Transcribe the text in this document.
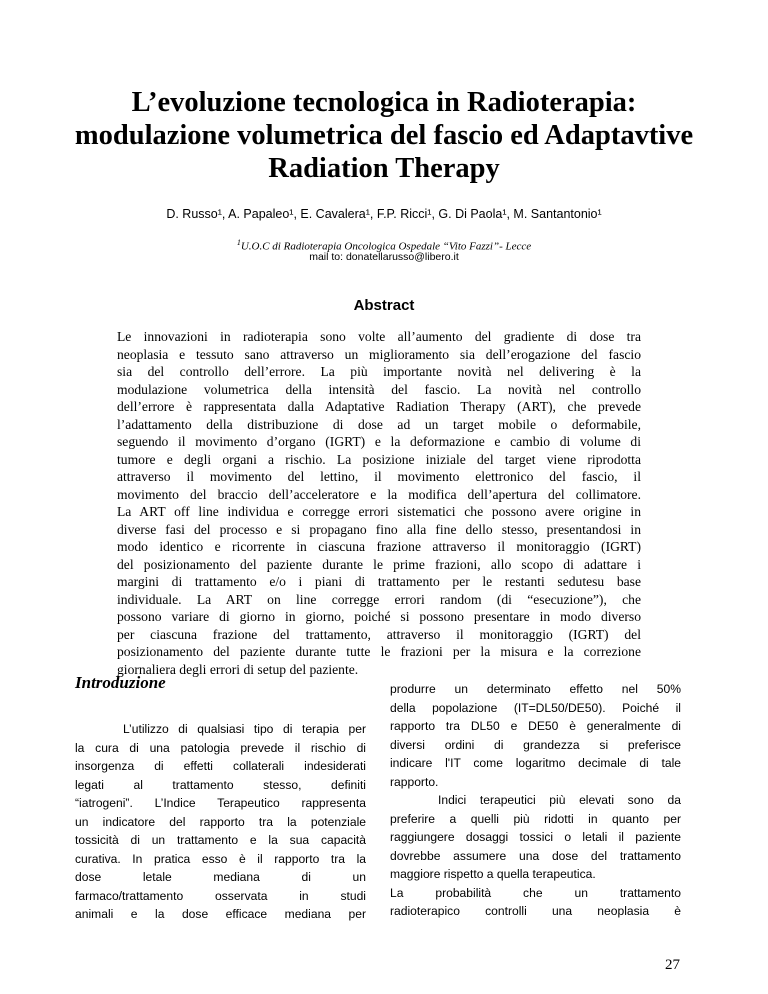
L’evoluzione tecnologica in Radioterapia:
modulazione volumetrica del fascio ed Adaptavtive
Radiation Therapy
D. Russo¹, A. Papaleo¹, E. Cavalera¹, F.P. Ricci¹, G. Di Paola¹, M. Santantonio¹
$^1$U.O.C di Radioterapia Oncologica Ospedale “Vito Fazzi”- Lecce
mail to: donatellarusso@libero.it
Abstract
Le innovazioni in radioterapia sono volte all’aumento del gradiente di dose tra
neoplasia e tessuto sano attraverso un miglioramento sia dell’erogazione del fascio
sia del controllo dell’errore. La più importante novità nel delivering è la
modulazione volumetrica della intensità del fascio. La novità nel controllo
dell’errore è rappresentata dalla Adaptative Radiation Therapy (ART), che prevede
l’adattamento della distribuzione di dose ad un target mobile o deformabile,
seguendo il movimento d’organo (IGRT) e la deformazione e cambio di volume di
tumore e degli organi a rischio. La posizione iniziale del target viene riprodotta
attraverso il movimento del lettino, il movimento elettronico del fascio, il
movimento del braccio dell’acceleratore e la modifica dell’apertura del collimatore.
La ART off line individua e corregge errori sistematici che possono avere origine in
diverse fasi del processo e si propagano fino alla fine dello stesso, presentandosi in
modo identico e ricorrente in ciascuna frazione attraverso il monitoraggio (IGRT)
del posizionamento del paziente durante le prime frazioni, allo scopo di adattare i
margini di trattamento e/o i piani di trattamento per le restanti sedutesu base
individuale. La ART on line corregge errori random (di “esecuzione”), che
possono variare di giorno in giorno, poiché si possono presentare in modo diverso
per ciascuna frazione del trattamento, attraverso il monitoraggio (IGRT) del
posizionamento del paziente durante tutte le frazioni per la misura e la correzione
giornaliera degli errori di setup del paziente.
Introduzione
L’utilizzo di qualsiasi tipo di terapia per
la cura di una patologia prevede il rischio di
insorgenza di effetti collaterali indesiderati
legati al trattamento stesso, definiti
“iatrogeni”. L’Indice Terapeutico rappresenta
un indicatore del rapporto tra la potenziale
tossicità di un trattamento e la sua capacità
curativa. In pratica esso è il rapporto tra la
dose letale mediana di un
farmaco/trattamento osservata in studi
animali e la dose efficace mediana per
produrre un determinato effetto nel 50%
della popolazione (IT=DL50/DE50). Poiché il
rapporto tra DL50 e DE50 è generalmente di
diversi ordini di grandezza si preferisce
indicare l'IT come logaritmo decimale di tale
rapporto.
Indici terapeutici più elevati sono da
preferire a quelli più ridotti in quanto per
raggiungere dosaggi tossici o letali il paziente
dovrebbe assumere una dose del trattamento
maggiore rispetto a quella terapeutica.
La probabilità che un trattamento
radioterapico controlli una neoplasia è
27
